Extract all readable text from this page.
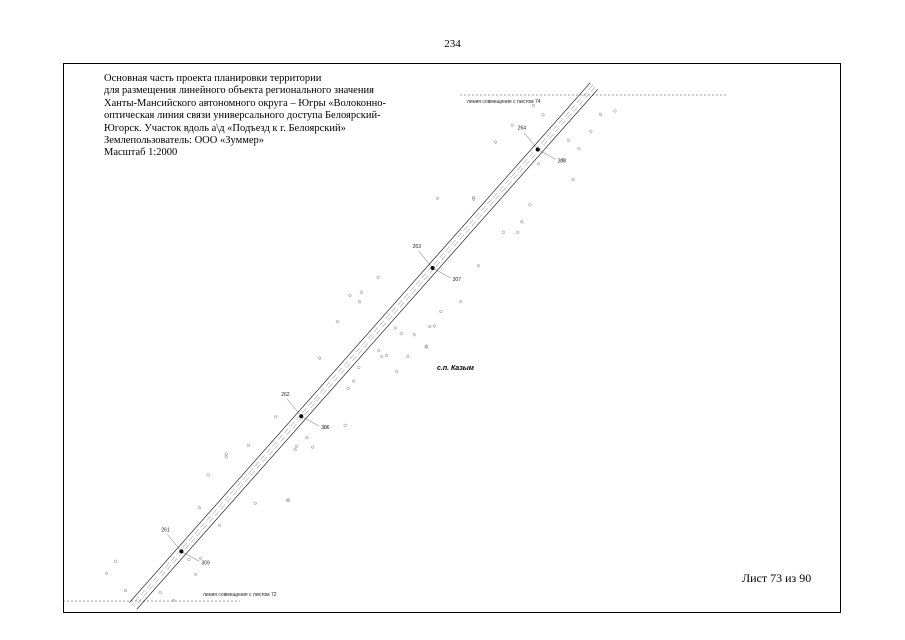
234
Основная часть проекта планировки территории
для размещения линейного объекта регионального значения
Ханты-Мансийского автономного округа – Югры «Волоконно-
оптическая линия связи универсального доступа Белоярский-
Югорск. Участок вдоль а\д «Подъезд к г. Белоярский»
Землепользователь: ООО «Зуммер»
Масштаб 1:2000
линия совмещения с листом 74
линия совмещения с листом 72
264
308
263
307
262
306
261
309
с.п. Казым
Лист 73 из 90
